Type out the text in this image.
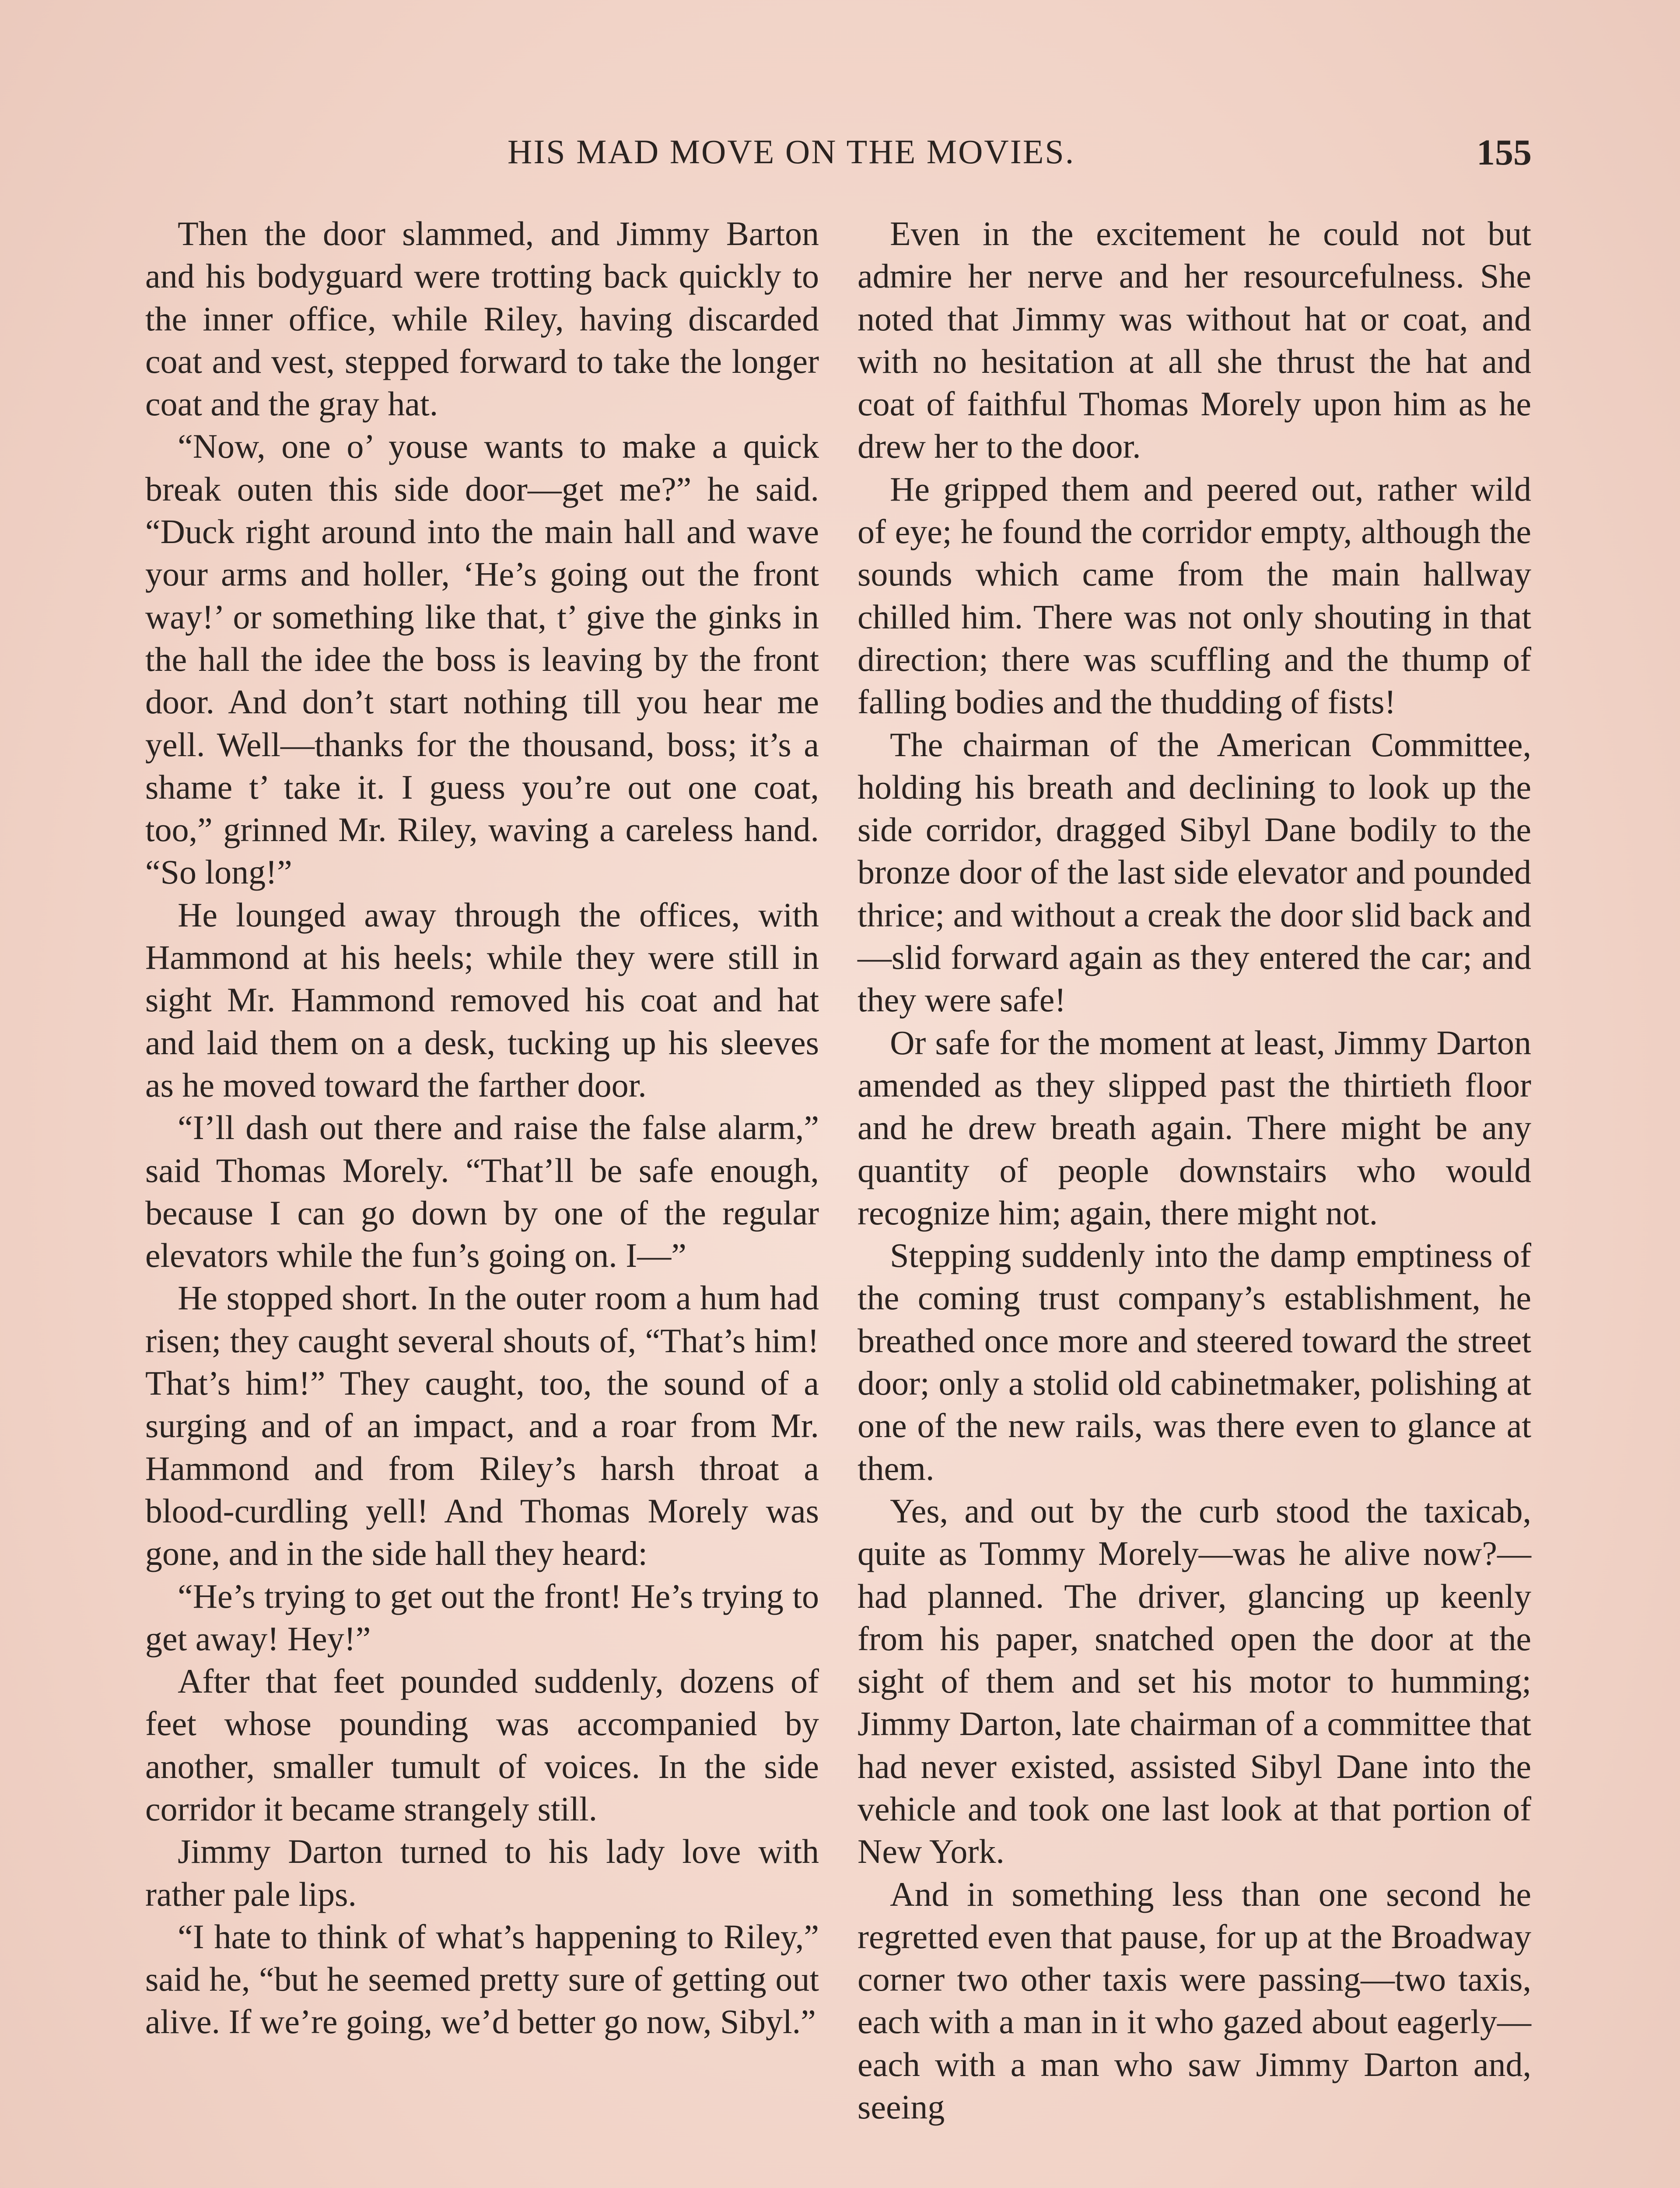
HIS MAD MOVE ON THE MOVIES.	155

Then the door slammed, and Jimmy Barton and his bodyguard were trotting back quickly to the inner office, while Riley, having discarded coat and vest, stepped forward to take the longer coat and the gray hat.

“Now, one o’ youse wants to make a quick break outen this side door—get me?” he said. “Duck right around into the main hall and wave your arms and holler, ‘He’s going out the front way!’ or something like that, t’ give the ginks in the hall the idee the boss is leaving by the front door. And don’t start nothing till you hear me yell. Well—thanks for the thousand, boss; it’s a shame t’ take it. I guess you’re out one coat, too,” grinned Mr. Riley, waving a careless hand. “So long!”

He lounged away through the offices, with Hammond at his heels; while they were still in sight Mr. Hammond removed his coat and hat and laid them on a desk, tucking up his sleeves as he moved toward the farther door.

“I’ll dash out there and raise the false alarm,” said Thomas Morely. “That’ll be safe enough, because I can go down by one of the regular elevators while the fun’s going on. I—”

He stopped short. In the outer room a hum had risen; they caught several shouts of, “That’s him! That’s him!” They caught, too, the sound of a surging and of an impact, and a roar from Mr. Hammond and from Riley’s harsh throat a blood-curdling yell! And Thomas Morely was gone, and in the side hall they heard:

“He’s trying to get out the front! He’s trying to get away! Hey!”

After that feet pounded suddenly, dozens of feet whose pounding was accompanied by another, smaller tumult of voices. In the side corridor it became strangely still.

Jimmy Darton turned to his lady love with rather pale lips.

“I hate to think of what’s happening to Riley,” said he, “but he seemed pretty sure of getting out alive. If we’re going, we’d better go now, Sibyl.”

Even in the excitement he could not but admire her nerve and her resourcefulness. She noted that Jimmy was without hat or coat, and with no hesitation at all she thrust the hat and coat of faithful Thomas Morely upon him as he drew her to the door.

He gripped them and peered out, rather wild of eye; he found the corridor empty, although the sounds which came from the main hallway chilled him. There was not only shouting in that direction; there was scuffling and the thump of falling bodies and the thudding of fists!

The chairman of the American Committee, holding his breath and declining to look up the side corridor, dragged Sibyl Dane bodily to the bronze door of the last side elevator and pounded thrice; and without a creak the door slid back and—slid forward again as they entered the car; and they were safe!

Or safe for the moment at least, Jimmy Darton amended as they slipped past the thirtieth floor and he drew breath again. There might be any quantity of people downstairs who would recognize him; again, there might not.

Stepping suddenly into the damp emptiness of the coming trust company’s establishment, he breathed once more and steered toward the street door; only a stolid old cabinetmaker, polishing at one of the new rails, was there even to glance at them.

Yes, and out by the curb stood the taxicab, quite as Tommy Morely—was he alive now?—had planned. The driver, glancing up keenly from his paper, snatched open the door at the sight of them and set his motor to humming; Jimmy Darton, late chairman of a committee that had never existed, assisted Sibyl Dane into the vehicle and took one last look at that portion of New York.

And in something less than one second he regretted even that pause, for up at the Broadway corner two other taxis were passing—two taxis, each with a man in it who gazed about eagerly—each with a man who saw Jimmy Darton and, seeing
